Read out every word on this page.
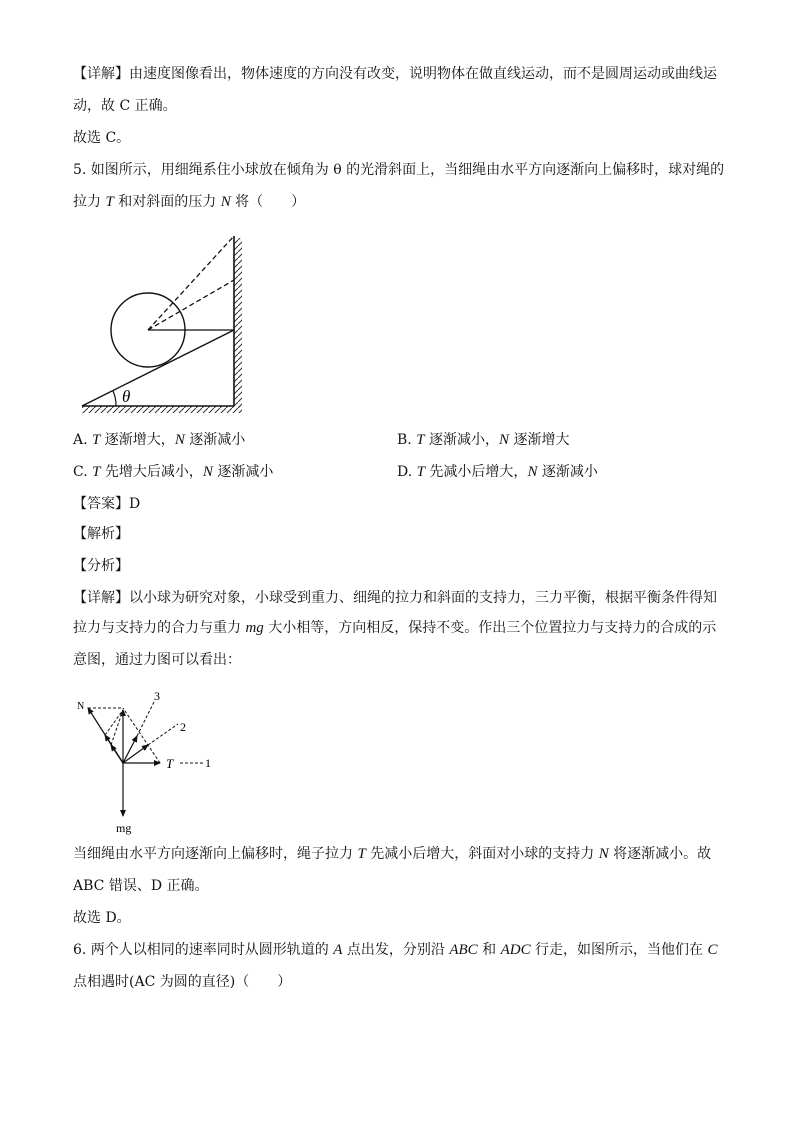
【详解】由速度图像看出，物体速度的方向没有改变，说明物体在做直线运动，而不是圆周运动或曲线运
动，故 C 正确。
故选 C。
5. 如图所示，用细绳系住小球放在倾角为 θ 的光滑斜面上，当细绳由水平方向逐渐向上偏移时，球对绳的
拉力 T 和对斜面的压力 N 将（　　）
θ
A. T 逐渐增大，N 逐渐减小	B. T 逐渐减小，N 逐渐增大
C. T 先增大后减小，N 逐渐减小	D. T 先减小后增大，N 逐渐减小
【答案】D
【解析】
【分析】
【详解】以小球为研究对象，小球受到重力、细绳的拉力和斜面的支持力，三力平衡，根据平衡条件得知
拉力与支持力的合力与重力 mg 大小相等，方向相反，保持不变。作出三个位置拉力与支持力的合成的示
意图，通过力图可以看出：
N
3
2
T	1
mg
当细绳由水平方向逐渐向上偏移时，绳子拉力 T 先减小后增大，斜面对小球的支持力 N 将逐渐减小。故
ABC 错误、D 正确。
故选 D。
6. 两个人以相同的速率同时从圆形轨道的 A 点出发，分别沿 ABC 和 ADC 行走，如图所示，当他们在 C
点相遇时(AC 为圆的直径)（　　）
